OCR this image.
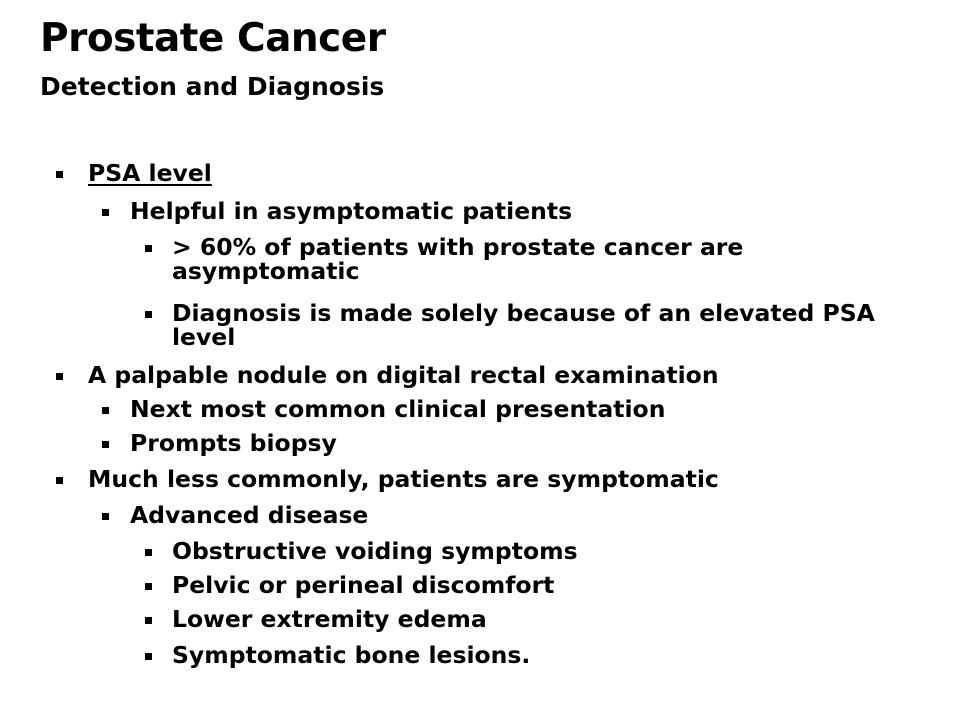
Prostate Cancer
Detection and Diagnosis
PSA level
Helpful in asymptomatic patients
> 60% of patients with prostate cancer are
asymptomatic
Diagnosis is made solely because of an elevated PSA
level
A palpable nodule on digital rectal examination
Next most common clinical presentation
Prompts biopsy
Much less commonly, patients are symptomatic
Advanced disease
Obstructive voiding symptoms
Pelvic or perineal discomfort
Lower extremity edema
Symptomatic bone lesions.
